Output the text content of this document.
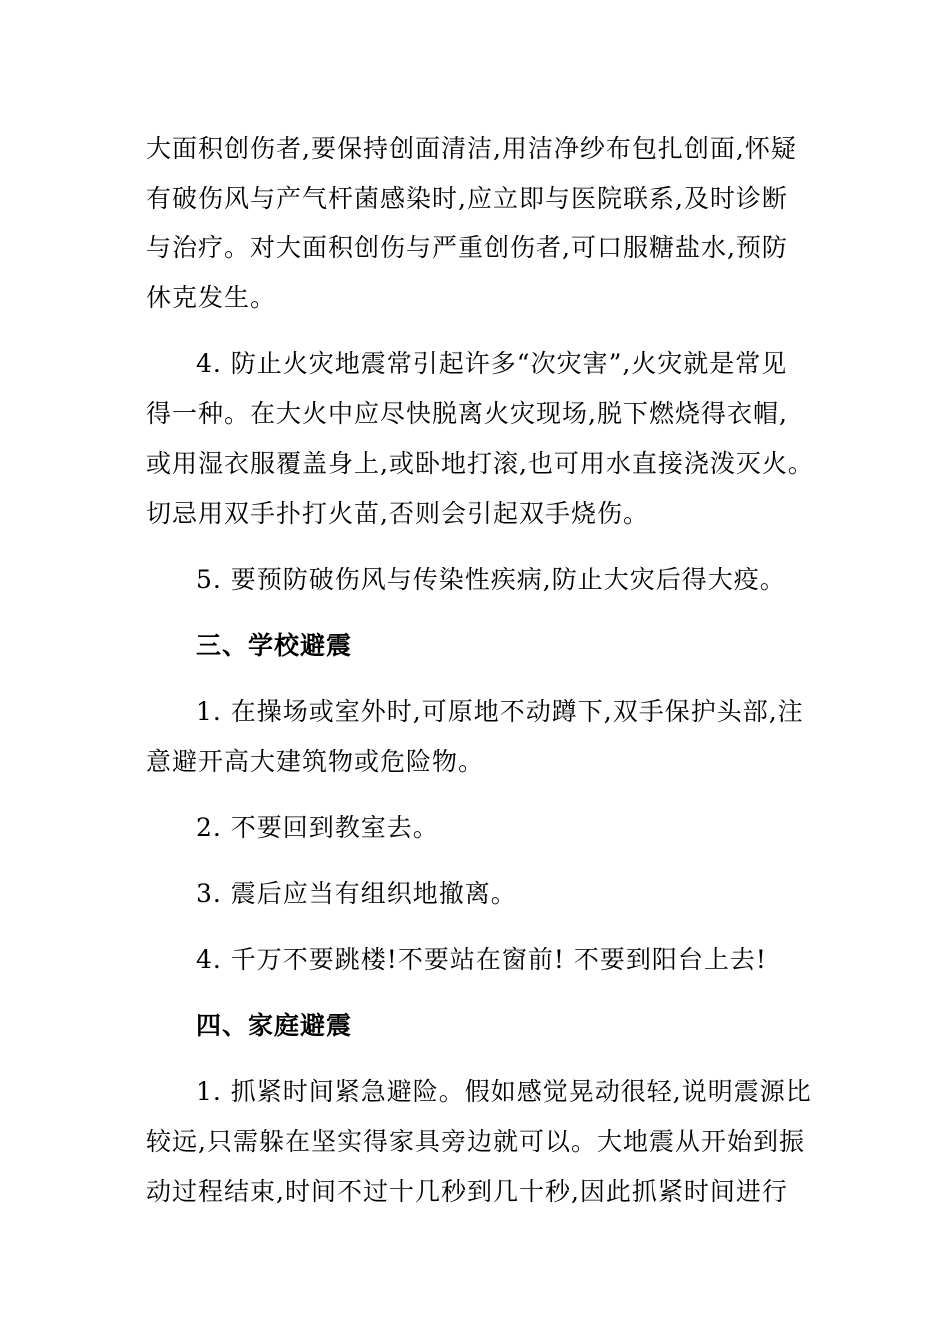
大面积创伤者,要保持创面清洁,用洁净纱布包扎创面,怀疑
有破伤风与产气杆菌感染时,应立即与医院联系,及时诊断
与治疗。对大面积创伤与严重创伤者,可口服糖盐水,预防
休克发生。
4. 防止火灾地震常引起许多“次灾害”,火灾就是常见
得一种。在大火中应尽快脱离火灾现场,脱下燃烧得衣帽,
或用湿衣服覆盖身上,或卧地打滚,也可用水直接浇泼灭火。
切忌用双手扑打火苗,否则会引起双手烧伤。
5. 要预防破伤风与传染性疾病,防止大灾后得大疫。
三、学校避震
1. 在操场或室外时,可原地不动蹲下,双手保护头部,注
意避开高大建筑物或危险物。
2. 不要回到教室去。
3. 震后应当有组织地撤离。
4. 千万不要跳楼!不要站在窗前! 不要到阳台上去!
四、家庭避震
1. 抓紧时间紧急避险。假如感觉晃动很轻,说明震源比
较远,只需躲在坚实得家具旁边就可以。大地震从开始到振
动过程结束,时间不过十几秒到几十秒,因此抓紧时间进行
